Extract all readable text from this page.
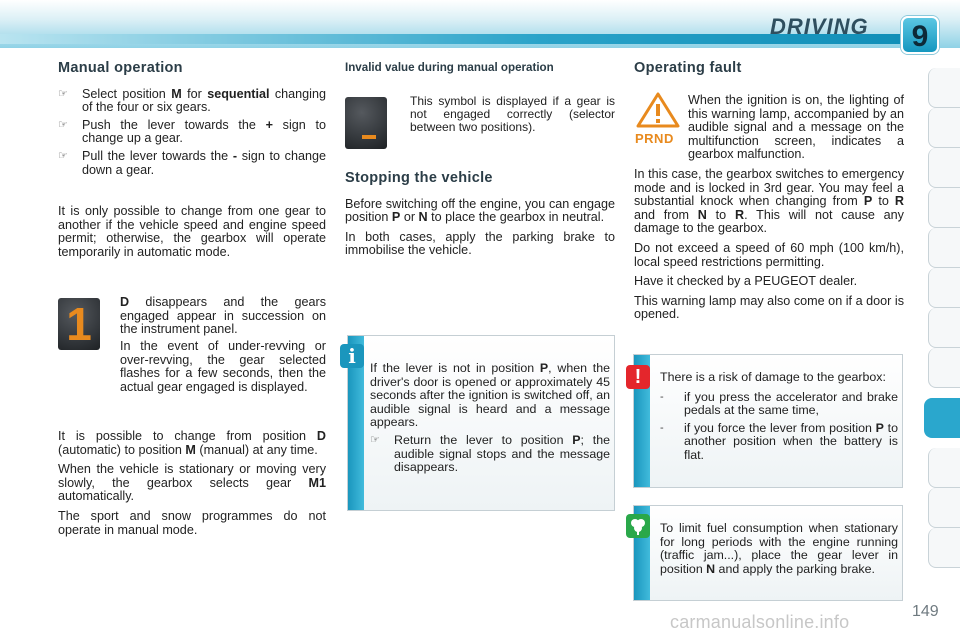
DRIVING	9
Manual operation
☞ Select position M for sequential changing of the four or six gears.
☞ Push the lever towards the + sign to change up a gear.
☞ Pull the lever towards the - sign to change down a gear.

It is only possible to change from one gear to another if the vehicle speed and engine speed permit; otherwise, the gearbox will operate temporarily in automatic mode.

1	D disappears and the gears engaged appear in succession on the instrument panel.

In the event of under-revving or over-revving, the gear selected flashes for a few seconds, then the actual gear engaged is displayed.

It is possible to change from position D (automatic) to position M (manual) at any time.

When the vehicle is stationary or moving very slowly, the gearbox selects gear M1 automatically.

The sport and snow programmes do not operate in manual mode.

Invalid value during manual operation

This symbol is displayed if a gear is not engaged correctly (selector between two positions).

Stopping the vehicle

Before switching off the engine, you can engage position P or N to place the gearbox in neutral.

In both cases, apply the parking brake to immobilise the vehicle.

i	If the lever is not in position P, when the driver's door is opened or approximately 45 seconds after the ignition is switched off, an audible signal is heard and a message appears.

☞ Return the lever to position P; the audible signal stops and the message disappears.
Operating fault
PRND

When the ignition is on, the lighting of this warning lamp, accompanied by an audible signal and a message on the multifunction screen, indicates a gearbox malfunction.

In this case, the gearbox switches to emergency mode and is locked in 3rd gear. You may feel a substantial knock when changing from P to R and from N to R. This will not cause any damage to the gearbox.

Do not exceed a speed of 60 mph (100 km/h), local speed restrictions permitting.

Have it checked by a PEUGEOT dealer.

This warning lamp may also come on if a door is opened.

!	There is a risk of damage to the gearbox:

- if you press the accelerator and brake pedals at the same time,
- if you force the lever from position P to another position when the battery is flat.

To limit fuel consumption when stationary for long periods with the engine running (traffic jam...), place the gear lever in position N and apply the parking brake.

149
carmanualsonline.info
